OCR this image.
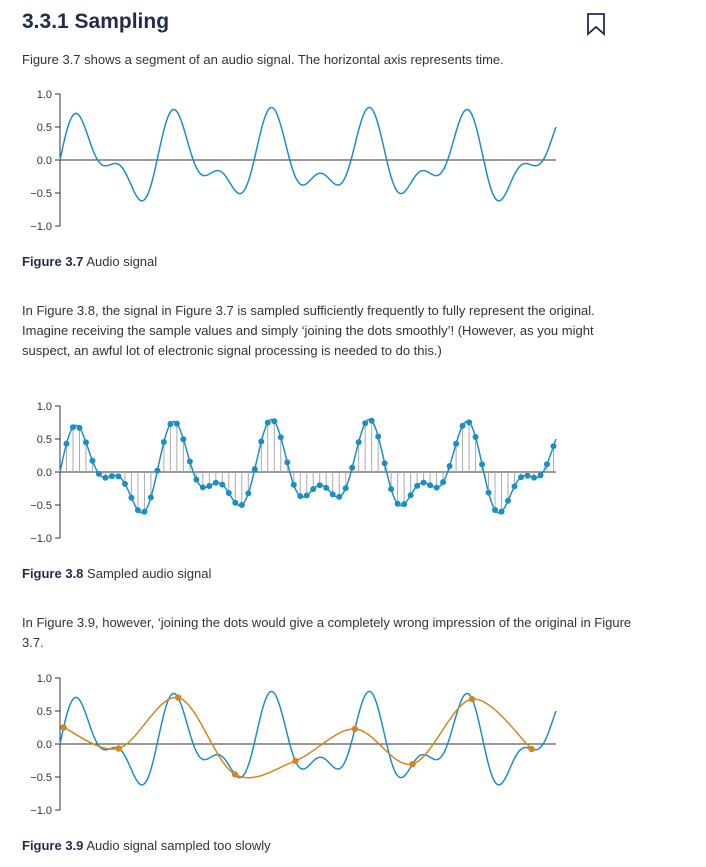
3.3.1 Sampling

Figure 3.7 shows a segment of an audio signal. The horizontal axis represents time.

1.0
0.5
0.0
−0.5
−1.0

Figure 3.7 Audio signal

In Figure 3.8, the signal in Figure 3.7 is sampled sufficiently frequently to fully represent the original. Imagine receiving the sample values and simply ‘joining the dots smoothly’! (However, as you might suspect, an awful lot of electronic signal processing is needed to do this.)

1.0
0.5
0.0
−0.5
−1.0

Figure 3.8 Sampled audio signal

In Figure 3.9, however, ‘joining the dots would give a completely wrong impression of the original in Figure 3.7.

1.0
0.5
0.0
−0.5
−1.0

Figure 3.9 Audio signal sampled too slowly
